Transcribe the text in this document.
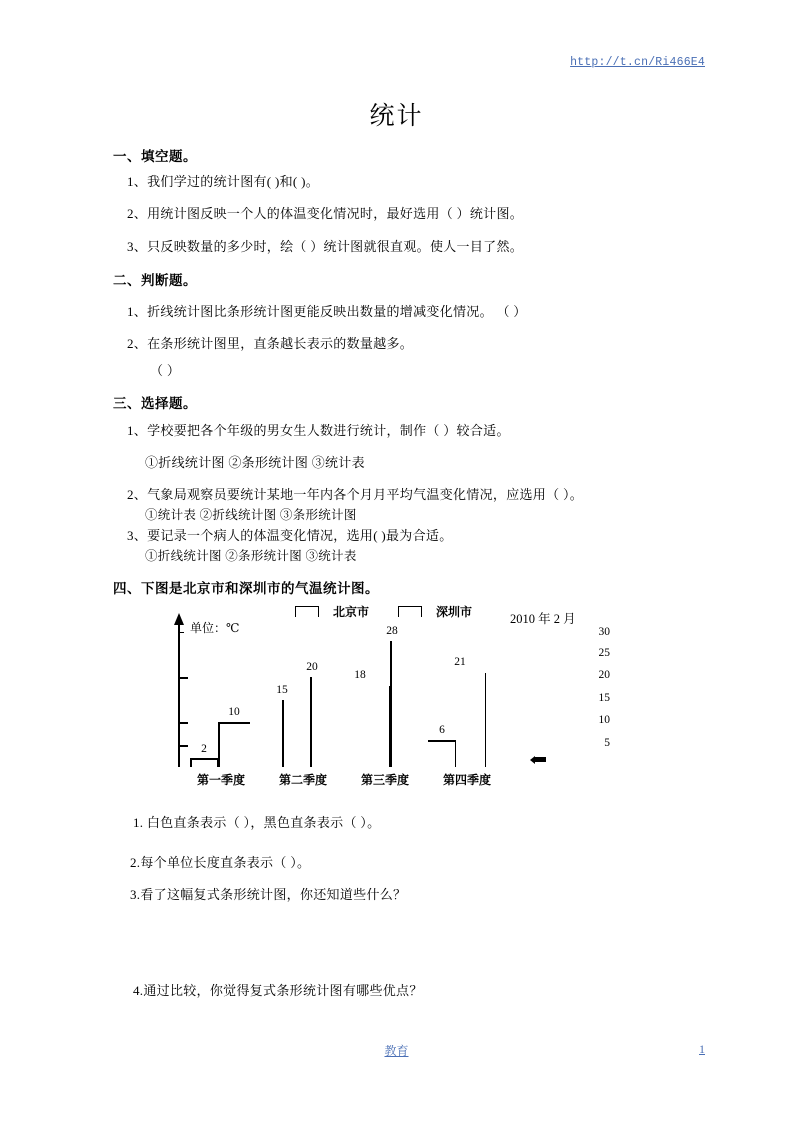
http://t.cn/Ri466E4
统计
一、填空题。
1、我们学过的统计图有( )和( )。
2、用统计图反映一个人的体温变化情况时，最好选用（ ）统计图。
3、只反映数量的多少时，绘（ ）统计图就很直观。使人一目了然。
二、判断题。
1、折线统计图比条形统计图更能反映出数量的增减变化情况。 （ ）
2、在条形统计图里，直条越长表示的数量越多。
（ ）
三、选择题。
1、学校要把各个年级的男女生人数进行统计，制作（ ）较合适。
①折线统计图 ②条形统计图 ③统计表
2、气象局观察员要统计某地一年内各个月月平均气温变化情况，应选用（ ）。
①统计表 ②折线统计图 ③条形统计图
3、要记录一个病人的体温变化情况，选用( )最为合适。
①折线统计图 ②条形统计图 ③统计表
四、下图是北京市和深圳市的气温统计图。
单位：℃
北京市	深圳市	2010 年 2 月
30
25
20
15
10
5
2
10
第一季度
15
20
第二季度
18
28
第三季度
6
21
第四季度
1. 白色直条表示（ ），黑色直条表示（ ）。
2.每个单位长度直条表示（ ）。
3.看了这幅复式条形统计图，你还知道些什么？
4.通过比较，你觉得复式条形统计图有哪些优点？
教育	1
